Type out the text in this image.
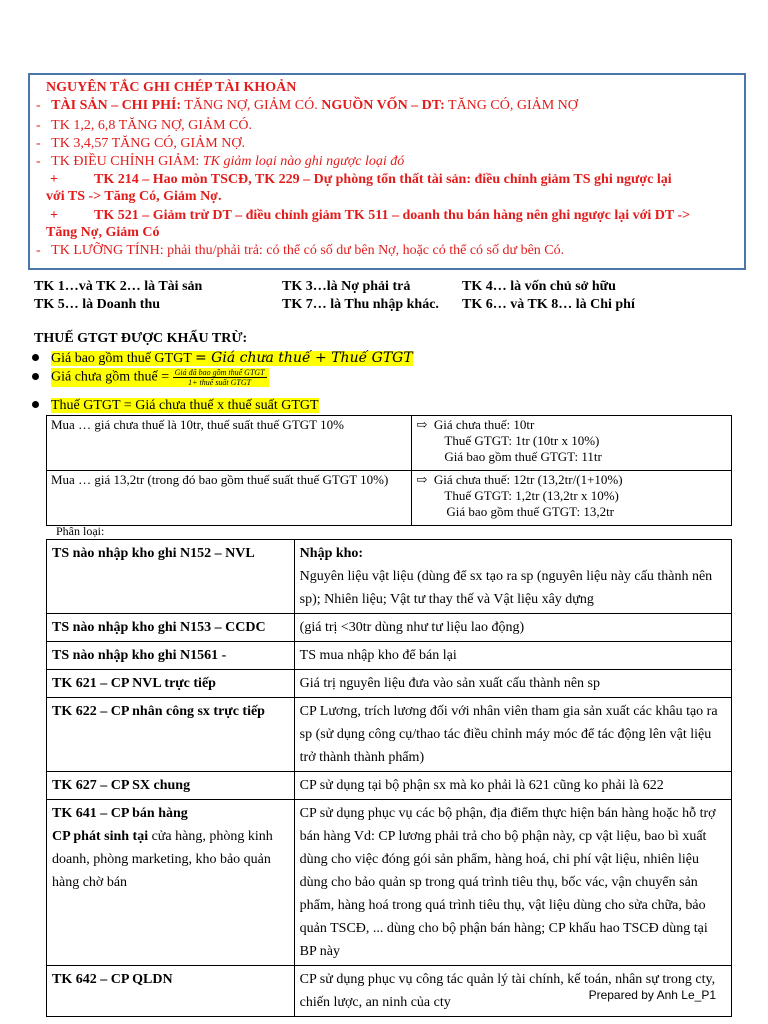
NGUYÊN TẮC GHI CHÉP TÀI KHOẢN
- TÀI SẢN – CHI PHÍ: TĂNG NỢ, GIẢM CÓ. NGUỒN VỐN – DT: TĂNG CÓ, GIẢM NỢ
- TK 1,2, 6,8 TĂNG NỢ, GIẢM CÓ.
- TK 3,4,57 TĂNG CÓ, GIẢM NỢ.
- TK ĐIỀU CHỈNH GIẢM: TK giảm loại nào ghi ngược loại đó
+	TK 214 – Hao mòn TSCĐ, TK 229 – Dự phòng tổn thất tài sản: điều chỉnh giảm TS ghi ngược lại
với TS -> Tăng Có, Giảm Nợ.
+	TK 521 – Giảm trừ DT – điều chỉnh giảm TK 511 – doanh thu bán hàng nên ghi ngược lại với DT ->
Tăng Nợ, Giảm Có
- TK LƯỠNG TÍNH: phải thu/phải trả: có thể có số dư bên Nợ, hoặc có thể có số dư bên Có.
TK 1…và TK 2… là Tài sản	TK 3…là Nợ phải trả	TK 4… là vốn chủ sở hữu
TK 5… là Doanh thu	TK 7… là Thu nhập khác. TK 6… và TK 8… là Chi phí
THUẾ GTGT ĐƯỢC KHẤU TRỪ:
Giá bao gồm thuế GTGT = Giá chưa thuế + Thuế GTGT
Giá chưa gồm thuế = $\frac{\text{Giá đã bao gồm thuế GTGT}}{\text{1+ thuế suất GTGT}}$
Thuế GTGT = Giá chưa thuế x thuế suất GTGT
Mua … giá chưa thuế là 10tr, thuế suất thuế GTGT 10%	⇨ Giá chưa thuế: 10tr
Thuế GTGT: 1tr (10tr x 10%)
Giá bao gồm thuế GTGT: 11tr

Mua … giá 13,2tr (trong đó bao gồm thuế suất thuế GTGT 10%)	⇨ Giá chưa thuế: 12tr (13,2tr/(1+10%)
Thuế GTGT: 1,2tr (13,2tr x 10%)
Giá bao gồm thuế GTGT: 13,2tr
Phân loại:
TS nào nhập kho ghi N152 – NVL	Nhập kho:
Nguyên liệu vật liệu (dùng để sx tạo ra sp (nguyên liệu này cấu thành nên sp); Nhiên liệu; Vật tư thay thế và Vật liệu xây dựng

TS nào nhập kho ghi N153 – CCDC	(giá trị <30tr dùng như tư liệu lao động)
TS nào nhập kho ghi N1561 -	TS mua nhập kho để bán lại
TK 621 – CP NVL trực tiếp	Giá trị nguyên liệu đưa vào sản xuất cấu thành nên sp
TK 622 – CP nhân công sx trực tiếp	CP Lương, trích lương đối với nhân viên tham gia sản xuất các khâu tạo ra sp (sử dụng công cụ/thao tác điều chỉnh máy móc để tác động lên vật liệu trở thành thành phẩm)
TK 627 – CP SX chung	CP sử dụng tại bộ phận sx mà ko phải là 621 cũng ko phải là 622

TK 641 – CP bán hàng
CP phát sinh tại cửa hàng, phòng kinh doanh, phòng marketing, kho bảo quản hàng chờ bán	CP sử dụng phục vụ các bộ phận, địa điểm thực hiện bán hàng hoặc hỗ trợ bán hàng Vd: CP lương phải trả cho bộ phận này, cp vật liệu, bao bì xuất dùng cho việc đóng gói sản phẩm, hàng hoá, chi phí vật liệu, nhiên liệu dùng cho bảo quản sp trong quá trình tiêu thụ, bốc vác, vận chuyển sản phẩm, hàng hoá trong quá trình tiêu thụ, vật liệu dùng cho sửa chữa, bảo quản TSCĐ, ... dùng cho bộ phận bán hàng; CP khấu hao TSCĐ dùng tại BP này
TK 642 – CP QLDN	CP sử dụng phục vụ công tác quản lý tài chính, kế toán, nhân sự trong cty, chiến lược, an ninh của cty	Prepared by Anh Le_P1
